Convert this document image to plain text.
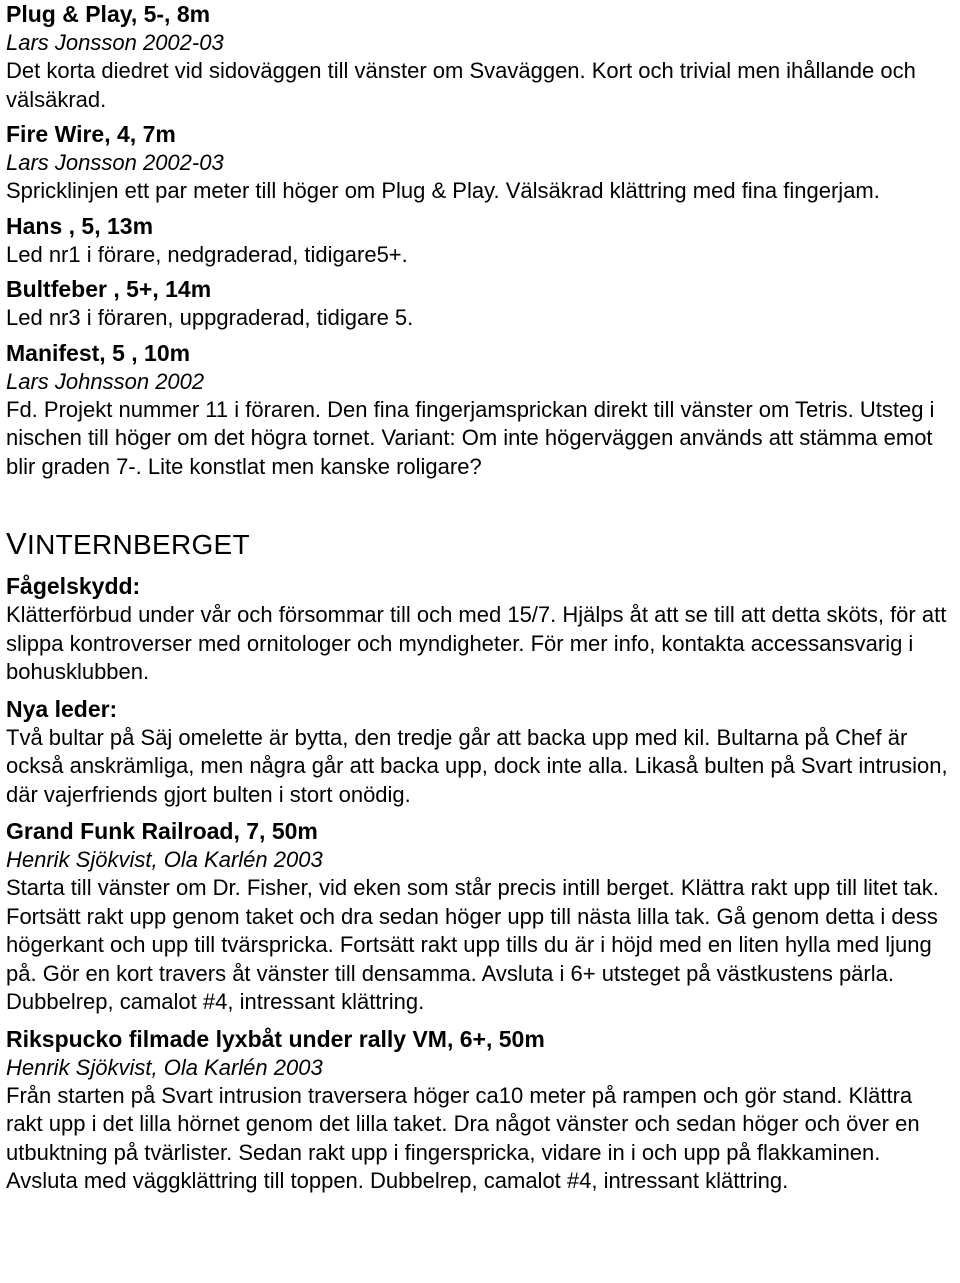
Plug & Play, 5-, 8m

Lars Jonsson 2002-03

Det korta diedret vid sidoväggen till vänster om Svaväggen. Kort och trivial men ihållande och välsäkrad.

Fire Wire, 4, 7m

Lars Jonsson 2002-03

Spricklinjen ett par meter till höger om Plug & Play. Välsäkrad klättring med fina fingerjam.

Hans , 5, 13m

Led nr1 i förare, nedgraderad, tidigare5+.

Bultfeber , 5+, 14m

Led nr3 i föraren, uppgraderad, tidigare 5.

Manifest, 5 , 10m

Lars Johnsson 2002

Fd. Projekt nummer 11 i föraren. Den fina fingerjamsprickan direkt till vänster om Tetris. Utsteg i nischen till höger om det högra tornet. Variant: Om inte högerväggen används att stämma emot blir graden 7-. Lite konstlat men kanske roligare?

VINTERNBERGET

Fågelskydd:

Klätterförbud under vår och försommar till och med 15/7. Hjälps åt att se till att detta sköts, för att slippa kontroverser med ornitologer och myndigheter. För mer info, kontakta accessansvarig i bohusklubben.

Nya leder:

Två bultar på Säj omelette är bytta, den tredje går att backa upp med kil. Bultarna på Chef är också anskrämliga, men några går att backa upp, dock inte alla. Likaså bulten på Svart intrusion, där vajerfriends gjort bulten i stort onödig.

Grand Funk Railroad, 7, 50m

Henrik Sjökvist, Ola Karlén 2003

Starta till vänster om Dr. Fisher, vid eken som står precis intill berget. Klättra rakt upp till litet tak. Fortsätt rakt upp genom taket och dra sedan höger upp till nästa lilla tak. Gå genom detta i dess högerkant och upp till tvärspricka. Fortsätt rakt upp tills du är i höjd med en liten hylla med ljung på. Gör en kort travers åt vänster till densamma. Avsluta i 6+ utsteget på västkustens pärla. Dubbelrep, camalot #4, intressant klättring.

Rikspucko filmade lyxbåt under rally VM, 6+, 50m

Henrik Sjökvist, Ola Karlén 2003

Från starten på Svart intrusion traversera höger ca10 meter på rampen och gör stand. Klättra rakt upp i det lilla hörnet genom det lilla taket. Dra något vänster och sedan höger och över en utbuktning på tvärlister. Sedan rakt upp i fingerspricka, vidare in i och upp på flakkaminen. Avsluta med väggklättring till toppen. Dubbelrep, camalot #4, intressant klättring.
